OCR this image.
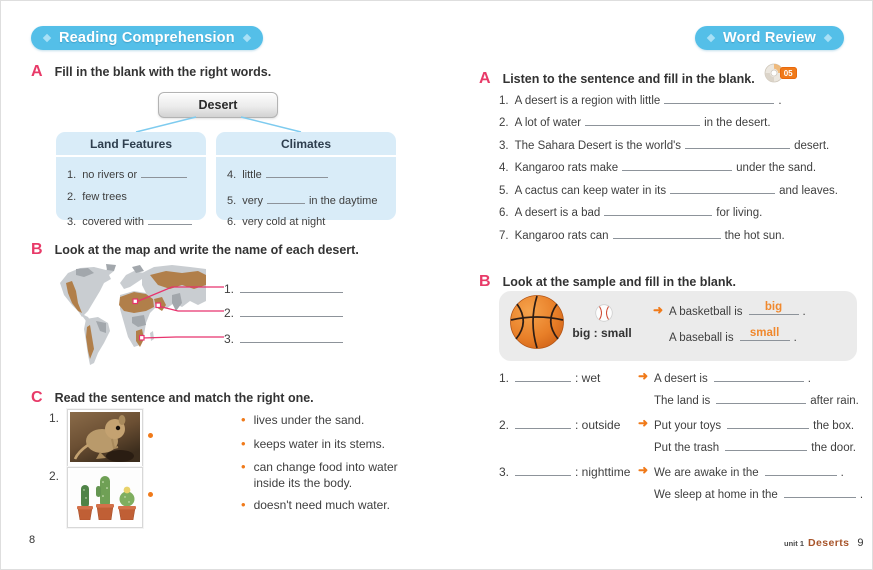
Reading Comprehension
A Fill in the blank with the right words.
Desert
Land Features
1. no rivers or
2. few trees
3. covered with
Climates
4. little
5. very	in the daytime
6. very cold at night
B Look at the map and write the name of each desert.
1.
2.
3.
C Read the sentence and match the right one.
1.
2.
• lives under the sand.
• keeps water in its stems.
• can change food into water inside its the body.
• doesn't need much water.
8
Word Review
A Listen to the sentence and fill in the blank.	05
1. A desert is a region with little	.
2. A lot of water	in the desert.
3. The Sahara Desert is the world's	desert.
4. Kangaroo rats make	under the sand.
5. A cactus can keep water in its	and leaves.
6. A desert is a bad	for living.
7. Kangaroo rats can	the hot sun.
B Look at the sample and fill in the blank.
big : small
➜ A basketball is	big	.
A baseball is	small	.
1.	: wet	➜ A desert is	.
The land is	after rain.
2.	: outside ➜ Put your toys	the box.
Put the trash	the door.
3.	: nighttime ➜ We are awake in the	.
We sleep at home in the	.
unit 1 Deserts 9
